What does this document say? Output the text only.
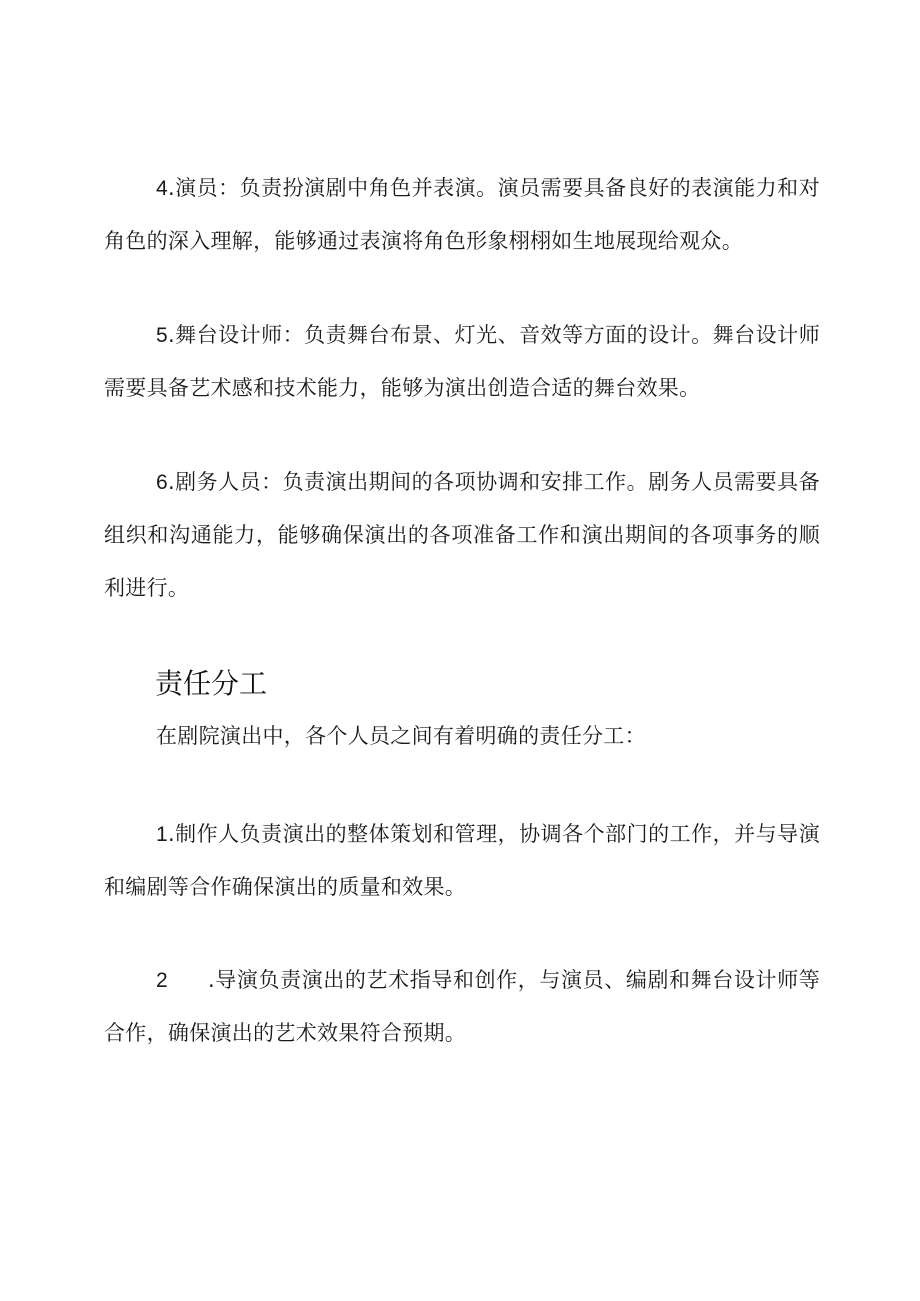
4.演员：负责扮演剧中角色并表演。演员需要具备良好的表演能力和对角色的深入理解，能够通过表演将角色形象栩栩如生地展现给观众。

5.舞台设计师：负责舞台布景、灯光、音效等方面的设计。舞台设计师需要具备艺术感和技术能力，能够为演出创造合适的舞台效果。

6.剧务人员：负责演出期间的各项协调和安排工作。剧务人员需要具备组织和沟通能力，能够确保演出的各项准备工作和演出期间的各项事务的顺利进行。

责任分工

在剧院演出中，各个人员之间有着明确的责任分工：

1.制作人负责演出的整体策划和管理，协调各个部门的工作，并与导演和编剧等合作确保演出的质量和效果。

2 .导演负责演出的艺术指导和创作，与演员、编剧和舞台设计师等合作，确保演出的艺术效果符合预期。
